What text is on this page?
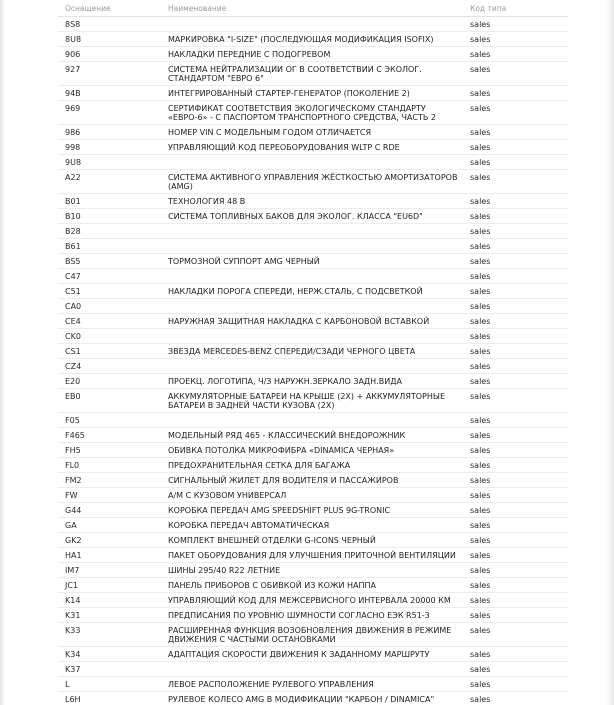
Оснащение	Наименование	Код типа
8S8		sales
8U8	МАРКИРОВКА "I-SIZE" (ПОСЛЕДУЮЩАЯ МОДИФИКАЦИЯ ISOFIX)	sales
906	НАКЛАДКИ ПЕРЕДНИЕ С ПОДОГРЕВОМ	sales
927	СИСТЕМА НЕЙТРАЛИЗАЦИИ ОГ В СООТВЕТСТВИИ С ЭКОЛОГ. СТАНДАРТОМ "ЕВРО 6"	sales
94B	ИНТЕГРИРОВАННЫЙ СТАРТЕР-ГЕНЕРАТОР (ПОКОЛЕНИЕ 2)	sales
969	СЕРТИФИКАТ СООТВЕТСТВИЯ ЭКОЛОГИЧЕСКОМУ СТАНДАРТУ «ЕВРО-6» - С ПАСПОРТОМ ТРАНСПОРТНОГО СРЕДСТВА, ЧАСТЬ 2	sales
986	НОМЕР VIN С МОДЕЛЬНЫМ ГОДОМ ОТЛИЧАЕТСЯ	sales
998	УПРАВЛЯЮЩИЙ КОД ПЕРЕОБОРУДОВАНИЯ WLTP С RDE	sales
9U8		sales
A22	СИСТЕМА АКТИВНОГО УПРАВЛЕНИЯ ЖЁСТКОСТЬЮ АМОРТИЗАТОРОВ (AMG)	sales
B01	ТЕХНОЛОГИЯ 48 В	sales
B10	СИСТЕМА ТОПЛИВНЫХ БАКОВ ДЛЯ ЭКОЛОГ. КЛАССА "EU6D"	sales
B28		sales
B61		sales
BS5	ТОРМОЗНОЙ СУППОРТ AMG ЧЕРНЫЙ	sales
C47		sales
C51	НАКЛАДКИ ПОРОГА СПЕРЕДИ, НЕРЖ.СТАЛЬ, С ПОДСВЕТКОЙ	sales
CA0		sales
CE4	НАРУЖНАЯ ЗАЩИТНАЯ НАКЛАДКА С КАРБОНОВОЙ ВСТАВКОЙ	sales
CK0		sales
CS1	ЗВЕЗДА MERCEDES-BENZ СПЕРЕДИ/СЗАДИ ЧЕРНОГО ЦВЕТА	sales
CZ4		sales
E20	ПРОЕКЦ. ЛОГОТИПА, Ч/З НАРУЖН.ЗЕРКАЛО ЗАДН.ВИДА	sales
EB0	АККУМУЛЯТОРНЫЕ БАТАРЕИ НА КРЫШЕ (2X) + АККУМУЛЯТОРНЫЕ БАТАРЕИ В ЗАДНЕЙ ЧАСТИ КУЗОВА (2X)	sales
F05		sales
F465	МОДЕЛЬНЫЙ РЯД 465 - КЛАССИЧЕСКИЙ ВНЕДОРОЖНИК	sales
FH5	ОБИВКА ПОТОЛКА МИКРОФИБРА «DINAMICA ЧЕРНАЯ»	sales
FL0	ПРЕДОХРАНИТЕЛЬНАЯ СЕТКА ДЛЯ БАГАЖА	sales
FM2	СИГНАЛЬНЫЙ ЖИЛЕТ ДЛЯ ВОДИТЕЛЯ И ПАССАЖИРОВ	sales
FW	А/М С КУЗОВОМ УНИВЕРСАЛ	sales
G44	КОРОБКА ПЕРЕДАЧ AMG SPEEDSHIFT PLUS 9G-TRONIC	sales
GA	КОРОБКА ПЕРЕДАЧ АВТОМАТИЧЕСКАЯ	sales
GK2	КОМПЛЕКТ ВНЕШНЕЙ ОТДЕЛКИ G-ICONS ЧЕРНЫЙ	sales
HA1	ПАКЕТ ОБОРУДОВАНИЯ ДЛЯ УЛУЧШЕНИЯ ПРИТОЧНОЙ ВЕНТИЛЯЦИИ	sales
IM7	ШИНЫ 295/40 R22 ЛЕТНИЕ	sales
JC1	ПАНЕЛЬ ПРИБОРОВ С ОБИВКОЙ ИЗ КОЖИ НАППА	sales
K14	УПРАВЛЯЮЩИЙ КОД ДЛЯ МЕЖСЕРВИСНОГО ИНТЕРВАЛА 20000 КМ	sales
K31	ПРЕДПИСАНИЯ ПО УРОВНЮ ШУМНОСТИ СОГЛАСНО ЕЭК R51-3	sales
K33	РАСШИРЕННАЯ ФУНКЦИЯ ВОЗОБНОВЛЕНИЯ ДВИЖЕНИЯ В РЕЖИМЕ ДВИЖЕНИЯ С ЧАСТЫМИ ОСТАНОВКАМИ	sales
K34	АДАПТАЦИЯ СКОРОСТИ ДВИЖЕНИЯ К ЗАДАННОМУ МАРШРУТУ	sales
K37		sales
L	ЛЕВОЕ РАСПОЛОЖЕНИЕ РУЛЕВОГО УПРАВЛЕНИЯ	sales
L6H	РУЛЕВОЕ КОЛЕСО AMG В МОДИФИКАЦИИ "КАРБОН / DINAMICA"	sales
